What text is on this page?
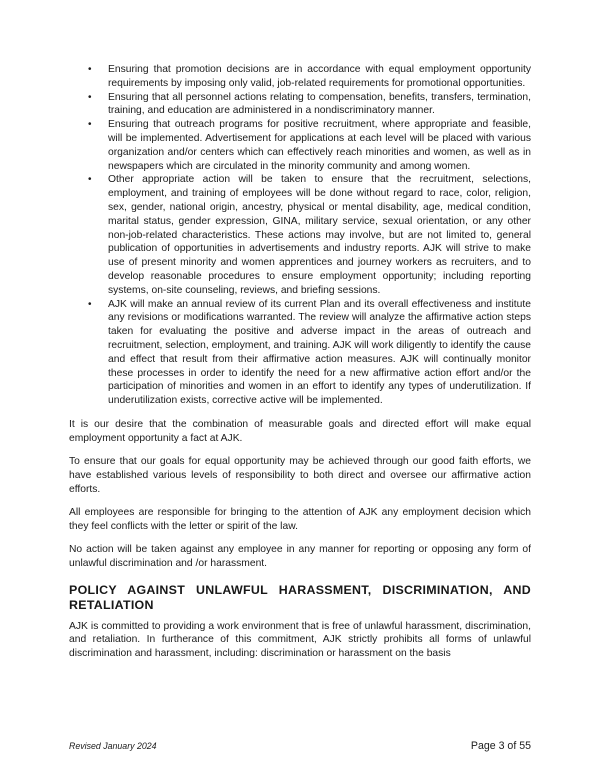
• Ensuring that promotion decisions are in accordance with equal employment opportunity requirements by imposing only valid, job-related requirements for promotional opportunities.
• Ensuring that all personnel actions relating to compensation, benefits, transfers, termination, training, and education are administered in a nondiscriminatory manner.
• Ensuring that outreach programs for positive recruitment, where appropriate and feasible, will be implemented. Advertisement for applications at each level will be placed with various organization and/or centers which can effectively reach minorities and women, as well as in newspapers which are circulated in the minority community and among women.
• Other appropriate action will be taken to ensure that the recruitment, selections, employment, and training of employees will be done without regard to race, color, religion, sex, gender, national origin, ancestry, physical or mental disability, age, medical condition, marital status, gender expression, GINA, military service, sexual orientation, or any other non-job-related characteristics. These actions may involve, but are not limited to, general publication of opportunities in advertisements and industry reports. AJK will strive to make use of present minority and women apprentices and journey workers as recruiters, and to develop reasonable procedures to ensure employment opportunity; including reporting systems, on-site counseling, reviews, and briefing sessions.
• AJK will make an annual review of its current Plan and its overall effectiveness and institute any revisions or modifications warranted. The review will analyze the affirmative action steps taken for evaluating the positive and adverse impact in the areas of outreach and recruitment, selection, employment, and training. AJK will work diligently to identify the cause and effect that result from their affirmative action measures. AJK will continually monitor these processes in order to identify the need for a new affirmative action effort and/or the participation of minorities and women in an effort to identify any types of underutilization. If underutilization exists, corrective active will be implemented.

It is our desire that the combination of measurable goals and directed effort will make equal employment opportunity a fact at AJK.

To ensure that our goals for equal opportunity may be achieved through our good faith efforts, we have established various levels of responsibility to both direct and oversee our affirmative action efforts.

All employees are responsible for bringing to the attention of AJK any employment decision which they feel conflicts with the letter or spirit of the law.

No action will be taken against any employee in any manner for reporting or opposing any form of unlawful discrimination and /or harassment.

POLICY AGAINST UNLAWFUL HARASSMENT, DISCRIMINATION, AND
RETALIATION

AJK is committed to providing a work environment that is free of unlawful harassment, discrimination, and retaliation. In furtherance of this commitment, AJK strictly prohibits all forms of unlawful discrimination and harassment, including: discrimination or harassment on the basis

Revised January 2024	Page 3 of 55
